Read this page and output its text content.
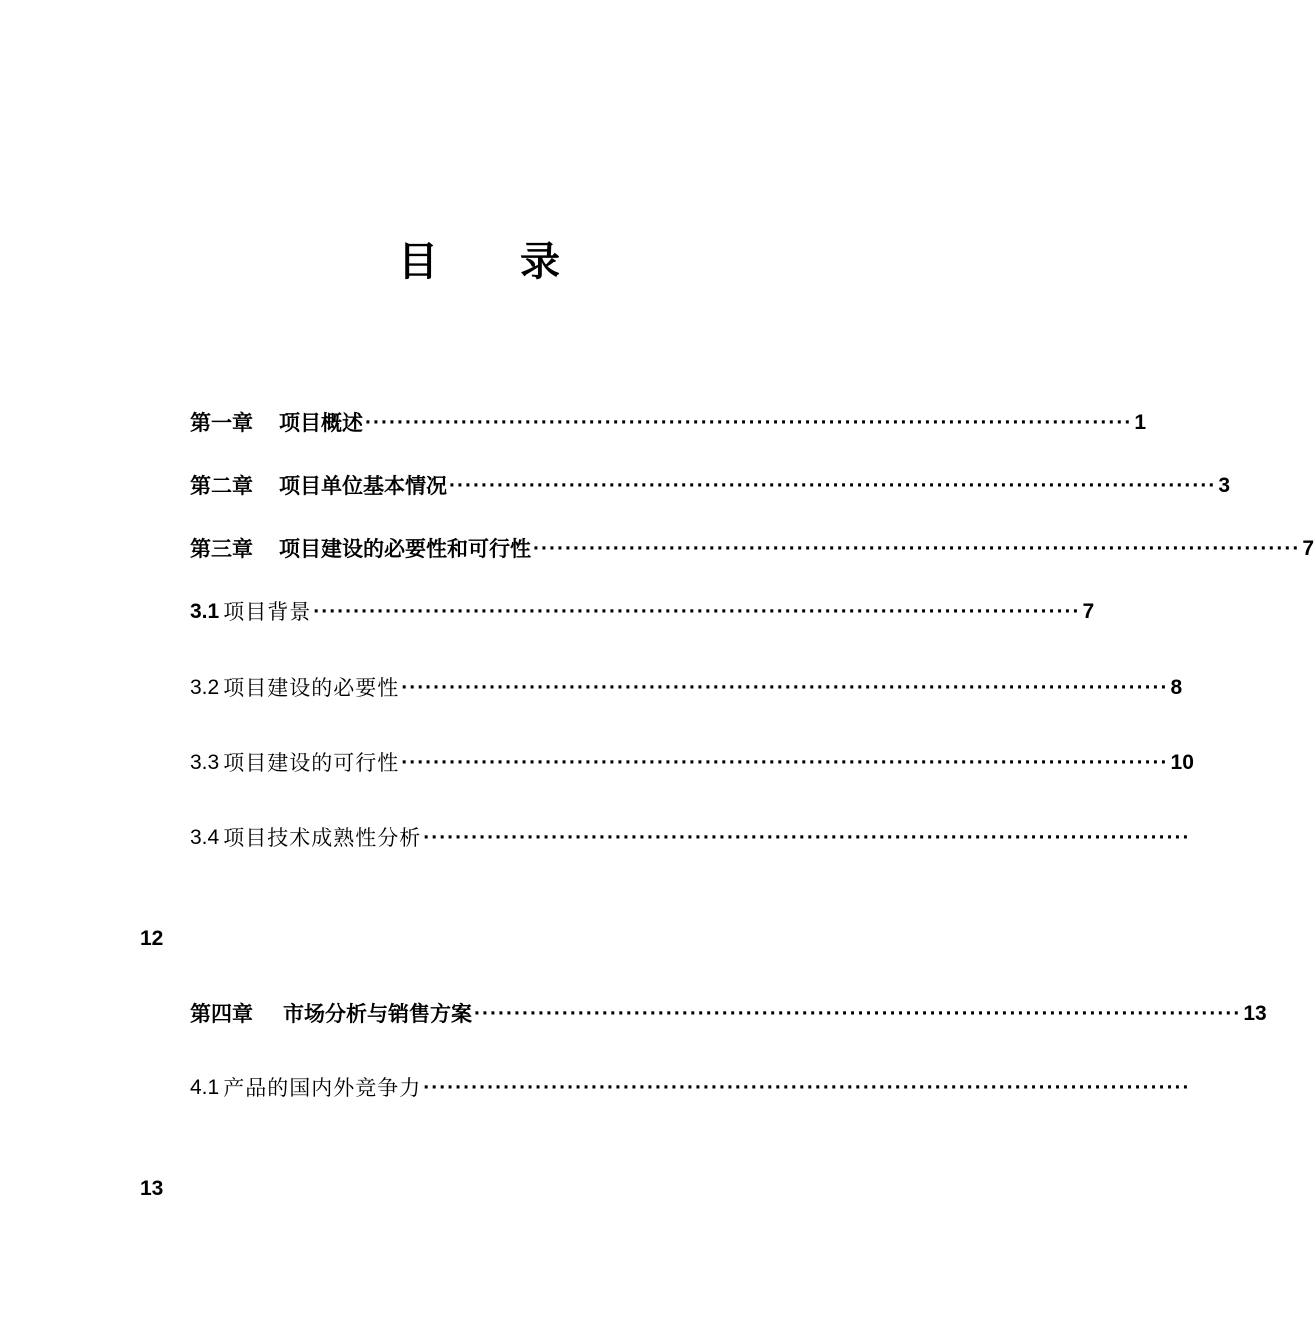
目 录
第一章 项目概述 ································································································ 1
第二章 项目单位基本情况 ································································································ 3
第三章 项目建设的必要性和可行性 ································································································ 7
3.1 项目背景 ································································································ 7
3.2 项目建设的必要性 ································································································ 8
3.3 项目建设的可行性 ································································································ 10
3.4 项目技术成熟性分析 ································································································
12
第四章 市场分析与销售方案 ································································································ 13
4.1 产品的国内外竞争力 ································································································
13
